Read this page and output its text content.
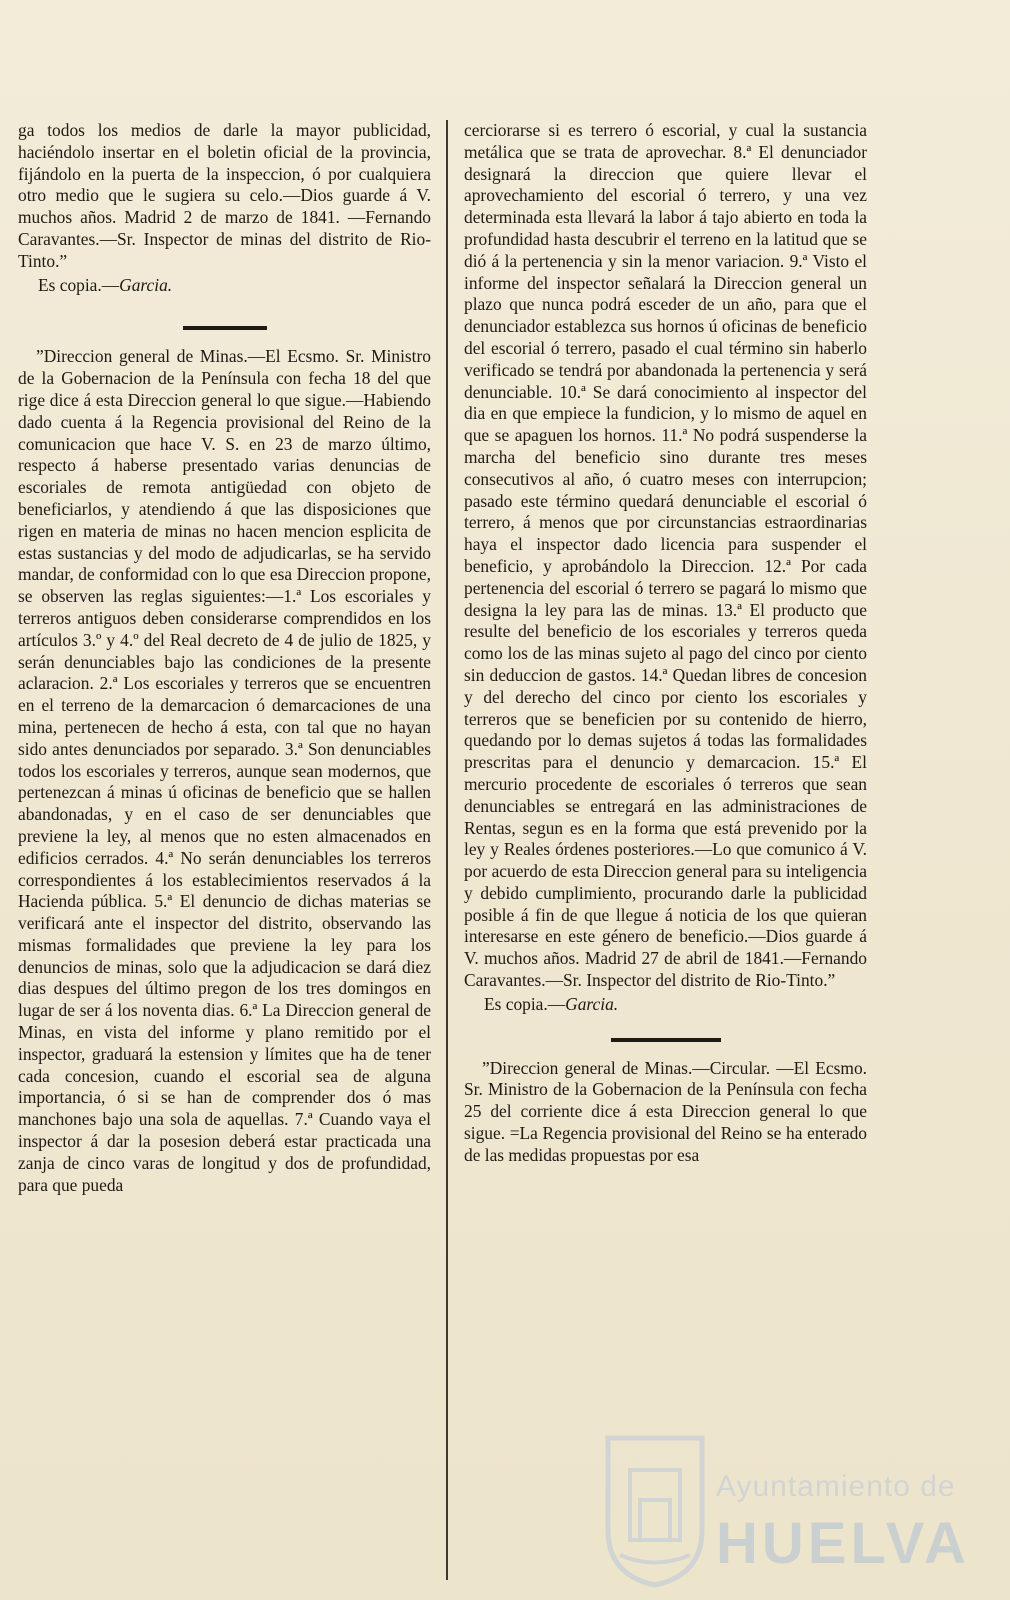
ga todos los medios de darle la mayor publicidad, haciéndolo insertar en el boletin oficial de la provincia, fijándolo en la puerta de la inspeccion, ó por cualquiera otro medio que le sugiera su celo.—Dios guarde á V. muchos años. Madrid 2 de marzo de 1841. —Fernando Caravantes.—Sr. Inspector de minas del distrito de Rio-Tinto.”

Es copia.—Garcia.

”Direccion general de Minas.—El Ecsmo. Sr. Ministro de la Gobernacion de la Península con fecha 18 del que rige dice á esta Direccion general lo que sigue.—Habiendo dado cuenta á la Regencia provisional del Reino de la comunicacion que hace V. S. en 23 de marzo último, respecto á haberse presentado varias denuncias de escoriales de remota antigüedad con objeto de beneficiarlos, y atendiendo á que las disposiciones que rigen en materia de minas no hacen mencion esplicita de estas sustancias y del modo de adjudicarlas, se ha servido mandar, de conformidad con lo que esa Direccion propone, se observen las reglas siguientes:—1.ª Los escoriales y terreros antiguos deben considerarse comprendidos en los artículos 3.º y 4.º del Real decreto de 4 de julio de 1825, y serán denunciables bajo las condiciones de la presente aclaracion. 2.ª Los escoriales y terreros que se encuentren en el terreno de la demarcacion ó demarcaciones de una mina, pertenecen de hecho á esta, con tal que no hayan sido antes denunciados por separado. 3.ª Son denunciables todos los escoriales y terreros, aunque sean modernos, que pertenezcan á minas ú oficinas de beneficio que se hallen abandonadas, y en el caso de ser denunciables que previene la ley, al menos que no esten almacenados en edificios cerrados. 4.ª No serán denunciables los terreros correspondientes á los establecimientos reservados á la Hacienda pública. 5.ª El denuncio de dichas materias se verificará ante el inspector del distrito, observando las mismas formalidades que previene la ley para los denuncios de minas, solo que la adjudicacion se dará diez dias despues del último pregon de los tres domingos en lugar de ser á los noventa dias. 6.ª La Direccion general de Minas, en vista del informe y plano remitido por el inspector, graduará la estension y límites que ha de tener cada concesion, cuando el escorial sea de alguna importancia, ó si se han de comprender dos ó mas manchones bajo una sola de aquellas. 7.ª Cuando vaya el inspector á dar la posesion deberá estar practicada una zanja de cinco varas de longitud y dos de profundidad, para que pueda

cerciorarse si es terrero ó escorial, y cual la sustancia metálica que se trata de aprovechar. 8.ª El denunciador designará la direccion que quiere llevar el aprovechamiento del escorial ó terrero, y una vez determinada esta llevará la labor á tajo abierto en toda la profundidad hasta descubrir el terreno en la latitud que se dió á la pertenencia y sin la menor variacion. 9.ª Visto el informe del inspector señalará la Direccion general un plazo que nunca podrá esceder de un año, para que el denunciador establezca sus hornos ú oficinas de beneficio del escorial ó terrero, pasado el cual término sin haberlo verificado se tendrá por abandonada la pertenencia y será denunciable. 10.ª Se dará conocimiento al inspector del dia en que empiece la fundicion, y lo mismo de aquel en que se apaguen los hornos. 11.ª No podrá suspenderse la marcha del beneficio sino durante tres meses consecutivos al año, ó cuatro meses con interrupcion; pasado este término quedará denunciable el escorial ó terrero, á menos que por circunstancias estraordinarias haya el inspector dado licencia para suspender el beneficio, y aprobándolo la Direccion. 12.ª Por cada pertenencia del escorial ó terrero se pagará lo mismo que designa la ley para las de minas. 13.ª El producto que resulte del beneficio de los escoriales y terreros queda como los de las minas sujeto al pago del cinco por ciento sin deduccion de gastos. 14.ª Quedan libres de concesion y del derecho del cinco por ciento los escoriales y terreros que se beneficien por su contenido de hierro, quedando por lo demas sujetos á todas las formalidades prescritas para el denuncio y demarcacion. 15.ª El mercurio procedente de escoriales ó terreros que sean denunciables se entregará en las administraciones de Rentas, segun es en la forma que está prevenido por la ley y Reales órdenes posteriores.—Lo que comunico á V. por acuerdo de esta Direccion general para su inteligencia y debido cumplimiento, procurando darle la publicidad posible á fin de que llegue á noticia de los que quieran interesarse en este género de beneficio.—Dios guarde á V. muchos años. Madrid 27 de abril de 1841.—Fernando Caravantes.—Sr. Inspector del distrito de Rio-Tinto.”

Es copia.—Garcia.

”Direccion general de Minas.—Circular. —El Ecsmo. Sr. Ministro de la Gobernacion de la Península con fecha 25 del corriente dice á esta Direccion general lo que sigue. =La Regencia provisional del Reino se ha enterado de las medidas propuestas por esa

Ayuntamiento de
HUELVA
